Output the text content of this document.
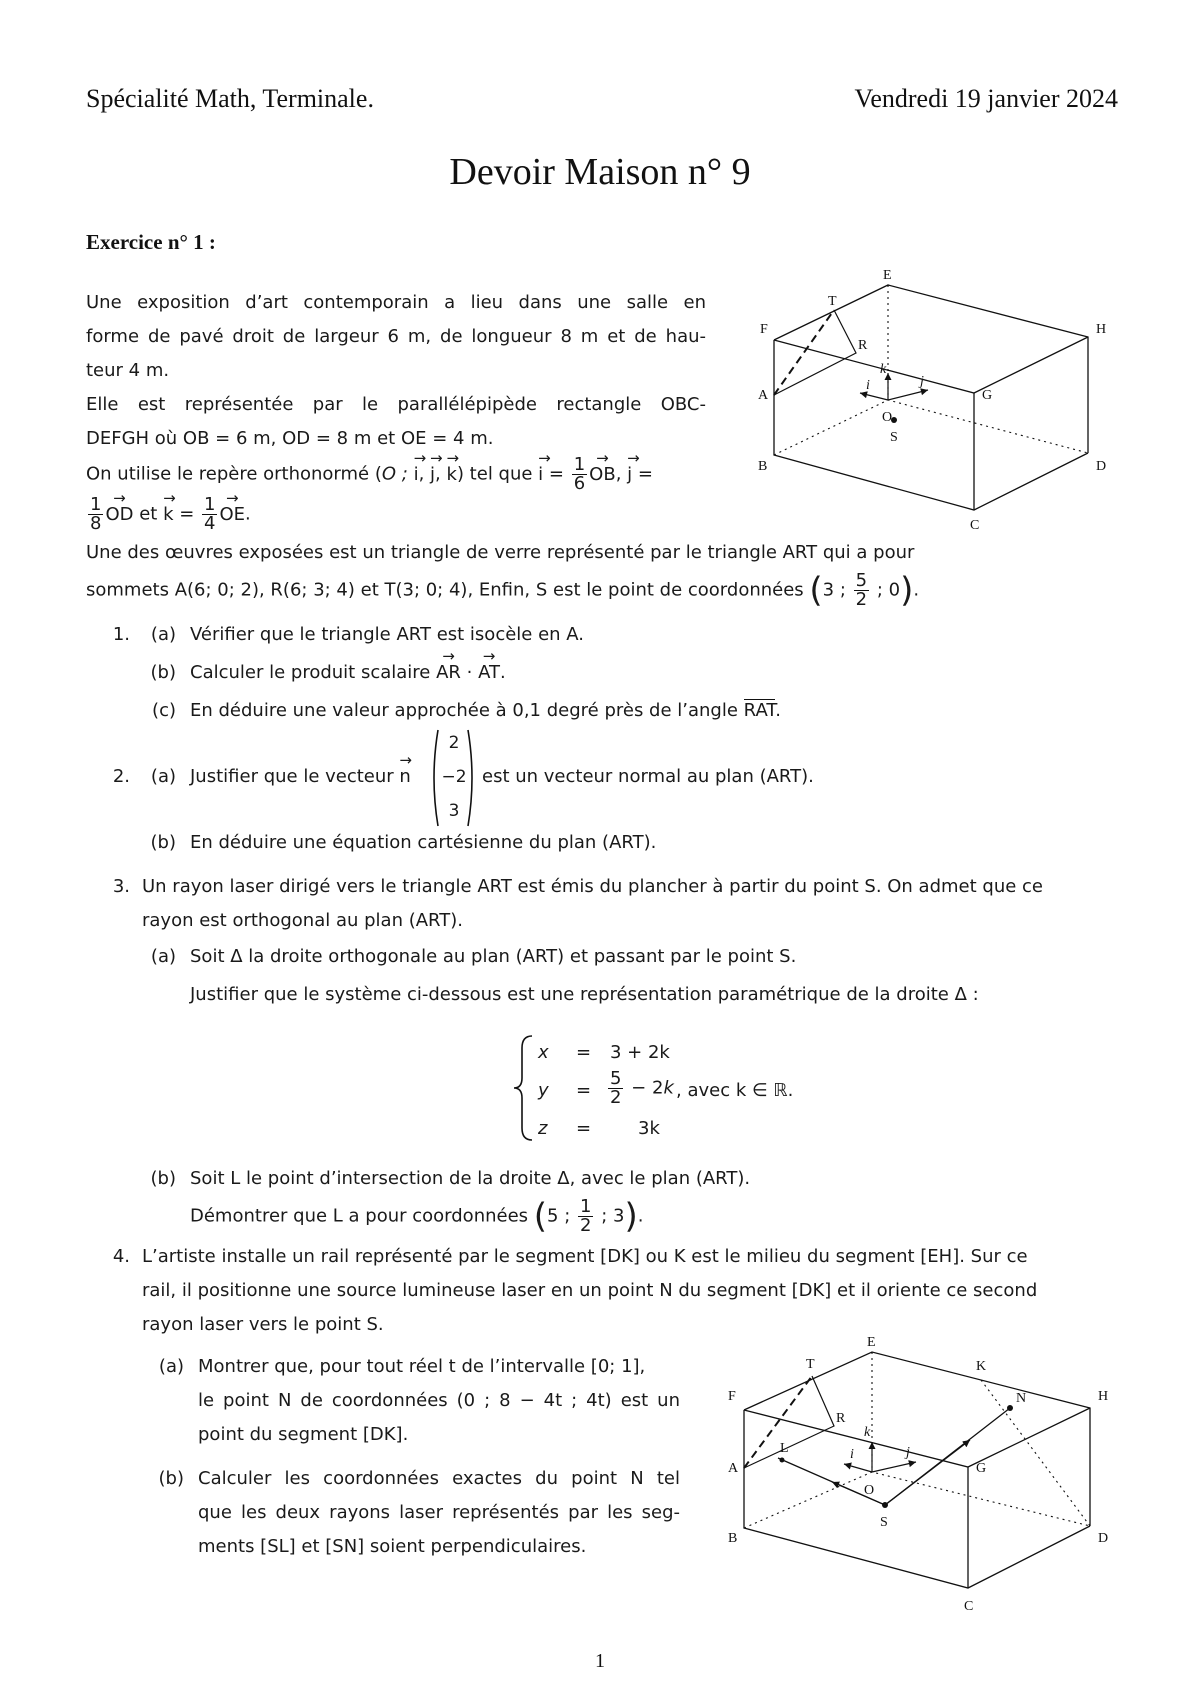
Spécialité Math, Terminale.	Vendredi 19 janvier 2024
Devoir Maison n° 9
Exercice n° 1 :
Une exposition d’art contemporain a lieu dans une salle en
forme de pavé droit de largeur 6 m, de longueur 8 m et de hau-
teur 4 m.
Elle est représentée par le parallélépipède rectangle OBC-
DEFGH où OB = 6 m, OD = 8 m et OE = 4 m.
On utilise le repère orthonormé (O ; → i, → j, → k) tel que → $i = \frac{1}{6}$ → OB, → j =
$\frac{1}{8}$ → OD et → $k = \frac{1}{4}$ → OE.
Une des œuvres exposées est un triangle de verre représenté par le triangle ART qui a pour
sommets A(6; 0; 2), R(6; 3; 4) et T(3; 0; 4), Enfin, S est le point de coordonnées (3 ; $\frac{5}{2}$ ; 0).
1.	(a) Vérifier que le triangle ART est isocèle en A.
(b) Calculer le produit scalaire → AR · → AT.
(c) En déduire une valeur approchée à 0,1 degré près de l’angle RAT.
2.	(a) Justifier que le vecteur → n
2
−2
3
est un vecteur normal au plan (ART).
(b) En déduire une équation cartésienne du plan (ART).
3. Un rayon laser dirigé vers le triangle ART est émis du plancher à partir du point S. On admet que ce
rayon est orthogonal au plan (ART).
(a) Soit Δ la droite orthogonale au plan (ART) et passant par le point S.
Justifier que le système ci-dessous est une représentation paramétrique de la droite Δ :
x = 3 + 2k
$y = \frac{5}{2} - 2k$ , avec k ∈ ℝ.
z =	3k
(b) Soit L le point d’intersection de la droite Δ, avec le plan (ART).
Démontrer que L a pour coordonnées (5 ; $\frac{1}{2}$ ; 3).
4. L’artiste installe un rail représenté par le segment [DK] ou K est le milieu du segment [EH]. Sur ce
rail, il positionne une source lumineuse laser en un point N du segment [DK] et il oriente ce second
rayon laser vers le point S.
(a) Montrer que, pour tout réel t de l’intervalle [0; 1],
le point N de coordonnées (0 ; 8 − 4t ; 4t) est un
point du segment [DK].
(b) Calculer les coordonnées exactes du point N tel
que les deux rayons laser représentés par les seg-
ments [SL] et [SN] soient perpendiculaires.
E
T
F	H
R
A	G
O
S
B	D
C
i
k
j
E
T	K
F	H
N
R
L
A	G
O
S
B	D
C
i
k
j
1
